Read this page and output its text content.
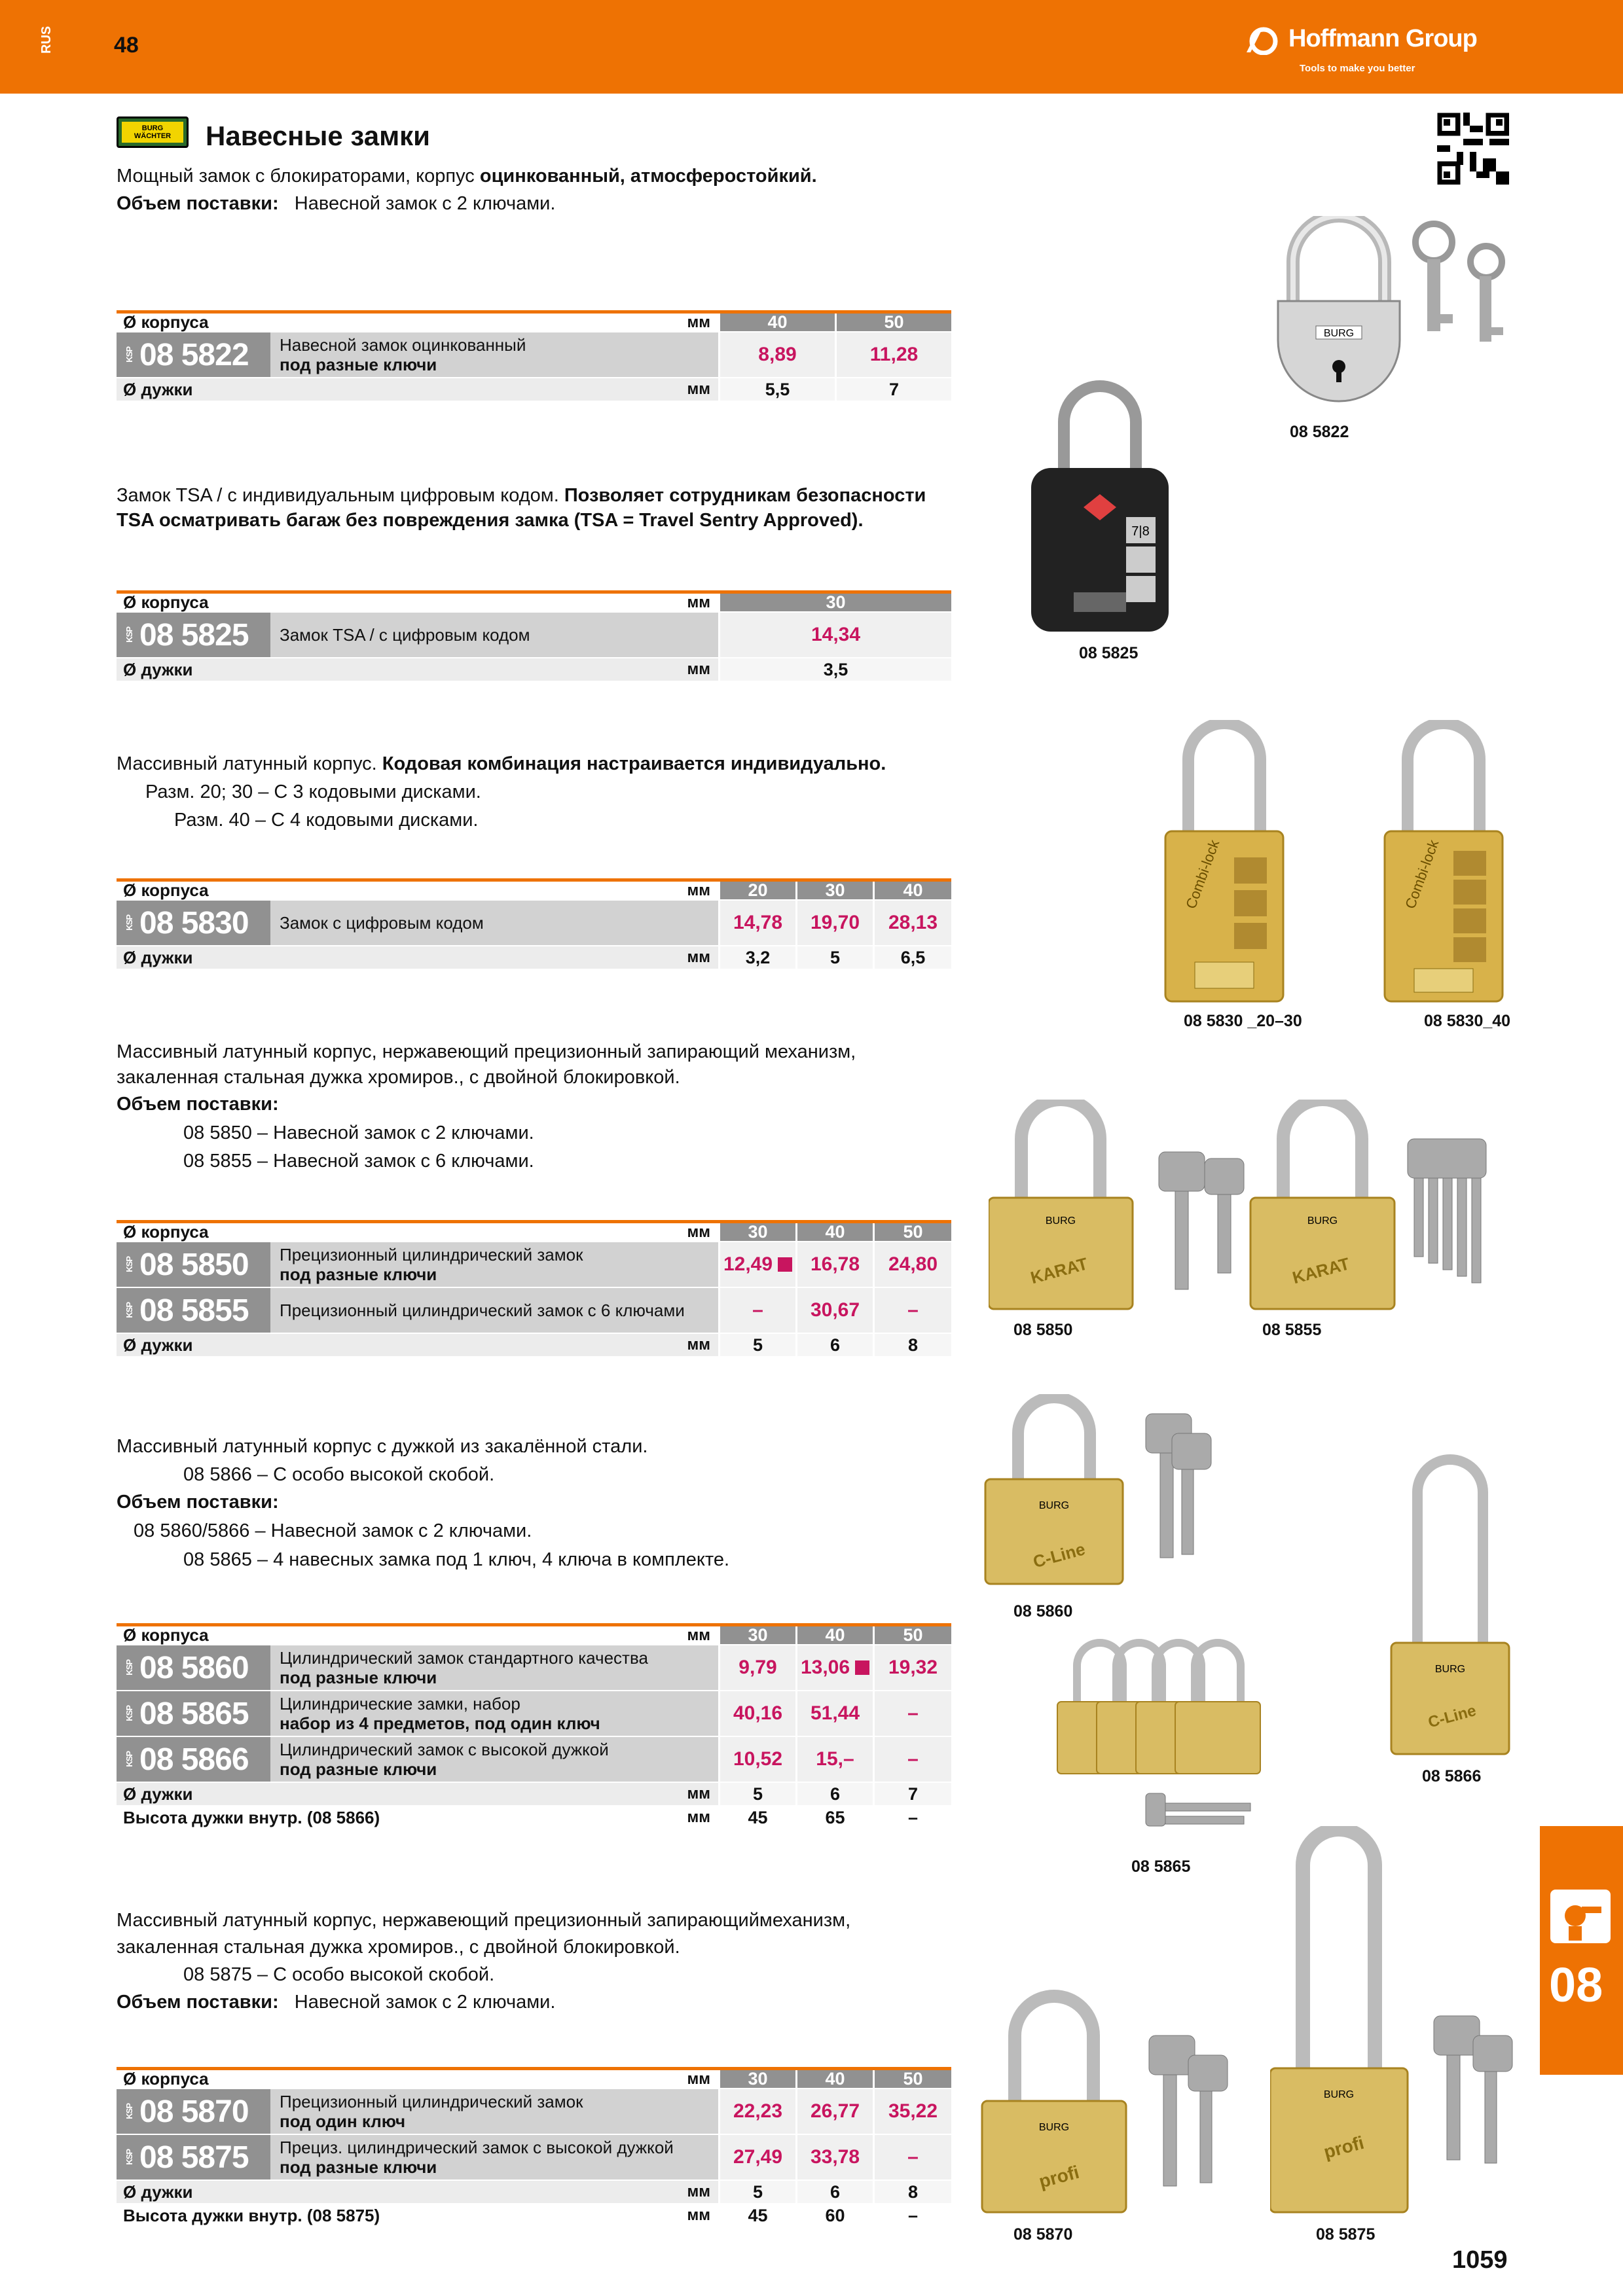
RUS	48	Hoffmann Group
Tools to make you better
BURG
WÄCHTER Навесные замки
Мощный замок с блокираторами, корпус оцинкованный, атмосферостойкий.
Объем поставки: Навесной замок с 2 ключами.
Ø корпуса	мм	40	50
KSP 08 5822 Навесной замок оцинкованный
под разные ключи	8,89	11,28
Ø дужки	мм	5,5	7
Замок TSA / с индивидуальным цифровым кодом. Позволяет сотрудникам безопасности
TSA осматривать багаж без повреждения замка (TSA = Travel Sentry Approved).
Ø корпуса	мм	30
KSP 08 5825 Замок TSA / с цифровым кодом	14,34
Ø дужки	мм	3,5
Массивный латунный корпус. Кодовая комбинация настраивается индивидуально.
Разм. 20; 30 – С 3 кодовыми дисками.
Разм. 40 – С 4 кодовыми дисками.
Ø корпуса	мм	20	30	40
KSP 08 5830 Замок с цифровым кодом	14,78	19,70	28,13
Ø дужки	мм	3,2	5	6,5
Массивный латунный корпус, нержавеющий прецизионный запирающий механизм,
закаленная стальная дужка хромиров., с двойной блокировкой.
Объем поставки:
08 5850 – Навесной замок с 2 ключами.
08 5855 – Навесной замок с 6 ключами.
Ø корпуса	мм	30	40	50
KSP 08 5850 Прецизионный цилиндрический замок
под разные ключи	12,49	16,78	24,80
KSP 08 5855 Прецизионный цилиндрический замок с 6 ключами	–	30,67	–
Ø дужки	мм	5	6	8
Массивный латунный корпус с дужкой из закалённой стали.
08 5866 – С особо высокой скобой.
Объем поставки:
08 5860/5866 – Навесной замок с 2 ключами.
08 5865 – 4 навесных замка под 1 ключ, 4 ключа в комплекте.
Ø корпуса	мм	30	40	50
KSP 08 5860 Цилиндрический замок стандартного качества
под разные ключи	9,79	13,06	19,32
KSP 08 5865 Цилиндрические замки, набор
набор из 4 предметов, под один ключ	40,16	51,44	–
KSP 08 5866 Цилиндрический замок с высокой дужкой
под разные ключи	10,52	15,–	–
Ø дужки	мм	5	6	7
Высота дужки внутр. (08 5866)	мм	45	65	–
Массивный латунный корпус, нержавеющий прецизионный запирающиймеханизм,
закаленная стальная дужка хромиров., с двойной блокировкой.
08 5875 – С особо высокой скобой.
Объем поставки: Навесной замок с 2 ключами.
Ø корпуса	мм	30	40	50
KSP 08 5870 Прецизионный цилиндрический замок
под один ключ	22,23	26,77	35,22
KSP 08 5875 Прециз. цилиндрический замок с высокой дужкой
под разные ключи	27,49	33,78	–
Ø дужки	мм	5	6	8
Высота дужки внутр. (08 5875)	мм	45	60	–
BURG
08 5822
7|8
08 5825
Combi-lock	Combi-lock
08 5830 _20–30	08 5830_40
BURG
KARAT
BURG
KARAT
08 5850	08 5855
BURG
C-Line
08 5860
08 5865
BURG
C-Line
08 5866
BURG
profi
08 5870
BURG
profi
08 5875
08
1059
